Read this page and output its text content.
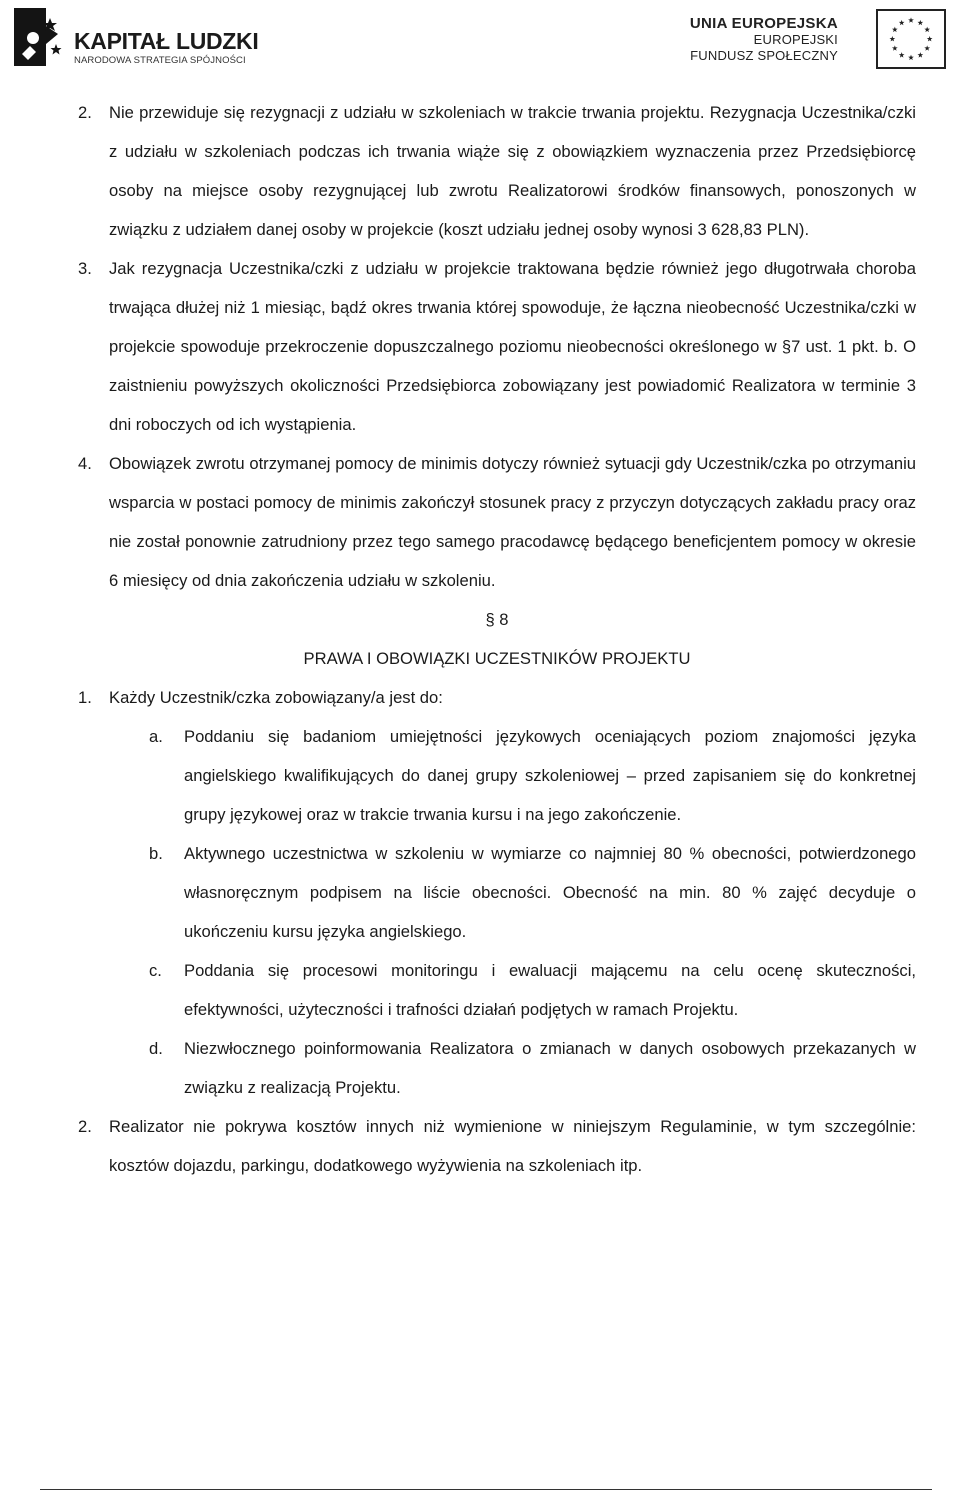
KAPITAŁ LUDZKI
NARODOWA STRATEGIA SPÓJNOŚCI
UNIA EUROPEJSKA
EUROPEJSKI
FUNDUSZ SPOŁECZNY
2. Nie przewiduje się rezygnacji z udziału w szkoleniach w trakcie trwania projektu. Rezygnacja Uczestnika/czki z udziału w szkoleniach podczas ich trwania wiąże się z obowiązkiem wyznaczenia przez Przedsiębiorcę osoby na miejsce osoby rezygnującej lub zwrotu Realizatorowi środków finansowych, ponoszonych w związku z udziałem danej osoby w projekcie (koszt udziału jednej osoby wynosi 3 628,83 PLN).
3. Jak rezygnacja Uczestnika/czki z udziału w projekcie traktowana będzie również jego długotrwała choroba trwająca dłużej niż 1 miesiąc, bądź okres trwania której spowoduje, że łączna nieobecność Uczestnika/czki w projekcie spowoduje przekroczenie dopuszczalnego poziomu nieobecności określonego w §7 ust. 1 pkt. b. O zaistnieniu powyższych okoliczności Przedsiębiorca zobowiązany jest powiadomić Realizatora w terminie 3 dni roboczych od ich wystąpienia.
4. Obowiązek zwrotu otrzymanej pomocy de minimis dotyczy również sytuacji gdy Uczestnik/czka po otrzymaniu wsparcia w postaci pomocy de minimis zakończył stosunek pracy z przyczyn dotyczących zakładu pracy oraz nie został ponownie zatrudniony przez tego samego pracodawcę będącego beneficjentem pomocy w okresie 6 miesięcy od dnia zakończenia udziału w szkoleniu.
§ 8
PRAWA I OBOWIĄZKI UCZESTNIKÓW PROJEKTU
1. Każdy Uczestnik/czka zobowiązany/a jest do:
a. Poddaniu się badaniom umiejętności językowych oceniających poziom znajomości języka angielskiego kwalifikujących do danej grupy szkoleniowej – przed zapisaniem się do konkretnej grupy językowej oraz w trakcie trwania kursu i na jego zakończenie.
b. Aktywnego uczestnictwa w szkoleniu w wymiarze co najmniej 80 % obecności, potwierdzonego własnoręcznym podpisem na liście obecności. Obecność na min. 80 % zajęć decyduje o ukończeniu kursu języka angielskiego.
c. Poddania się procesowi monitoringu i ewaluacji mającemu na celu ocenę skuteczności, efektywności, użyteczności i trafności działań podjętych w ramach Projektu.
d. Niezwłocznego poinformowania Realizatora o zmianach w danych osobowych przekazanych w związku z realizacją Projektu.
2. Realizator nie pokrywa kosztów innych niż wymienione w niniejszym Regulaminie, w tym szczególnie: kosztów dojazdu, parkingu, dodatkowego wyżywienia na szkoleniach itp.
